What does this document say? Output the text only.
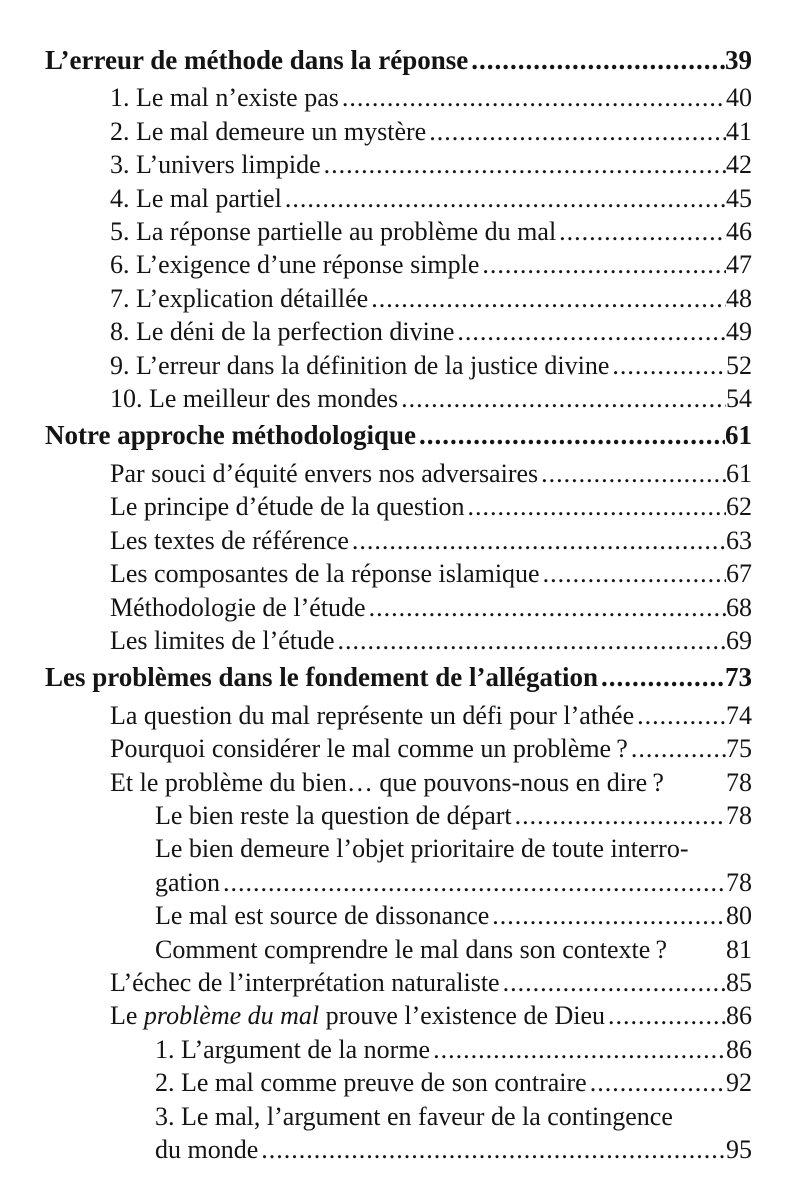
L’erreur de méthode dans la réponse .....	39
1. Le mal n’existe pas .....	40
2. Le mal demeure un mystère .....	41
3. L’univers limpide .....	42
4. Le mal partiel .....	45
5. La réponse partielle au problème du mal .....	46
6. L’exigence d’une réponse simple .....	47
7. L’explication détaillée .....	48
8. Le déni de la perfection divine .....	49
9. L’erreur dans la définition de la justice divine .....	52
10. Le meilleur des mondes .....	54
Notre approche méthodologique .....	61
Par souci d’équité envers nos adversaires .....	61
Le principe d’étude de la question .....	62
Les textes de référence .....	63
Les composantes de la réponse islamique .....	67
Méthodologie de l’étude .....	68
Les limites de l’étude .....	69
Les problèmes dans le fondement de l’allégation .....	73
La question du mal représente un défi pour l’athée .....	74
Pourquoi considérer le mal comme un problème ? .....	75
Et le problème du bien… que pouvons-nous en dire ? 78
Le bien reste la question de départ .....	78
Le bien demeure l’objet prioritaire de toute interro-
gation .....	78
Le mal est source de dissonance .....	80
Comment comprendre le mal dans son contexte ? 81
L’échec de l’interprétation naturaliste .....	85
Le problème du mal prouve l’existence de Dieu .....	86
1. L’argument de la norme .....	86
2. Le mal comme preuve de son contraire .....	92
3. Le mal, l’argument en faveur de la contingence
du monde .....	95
